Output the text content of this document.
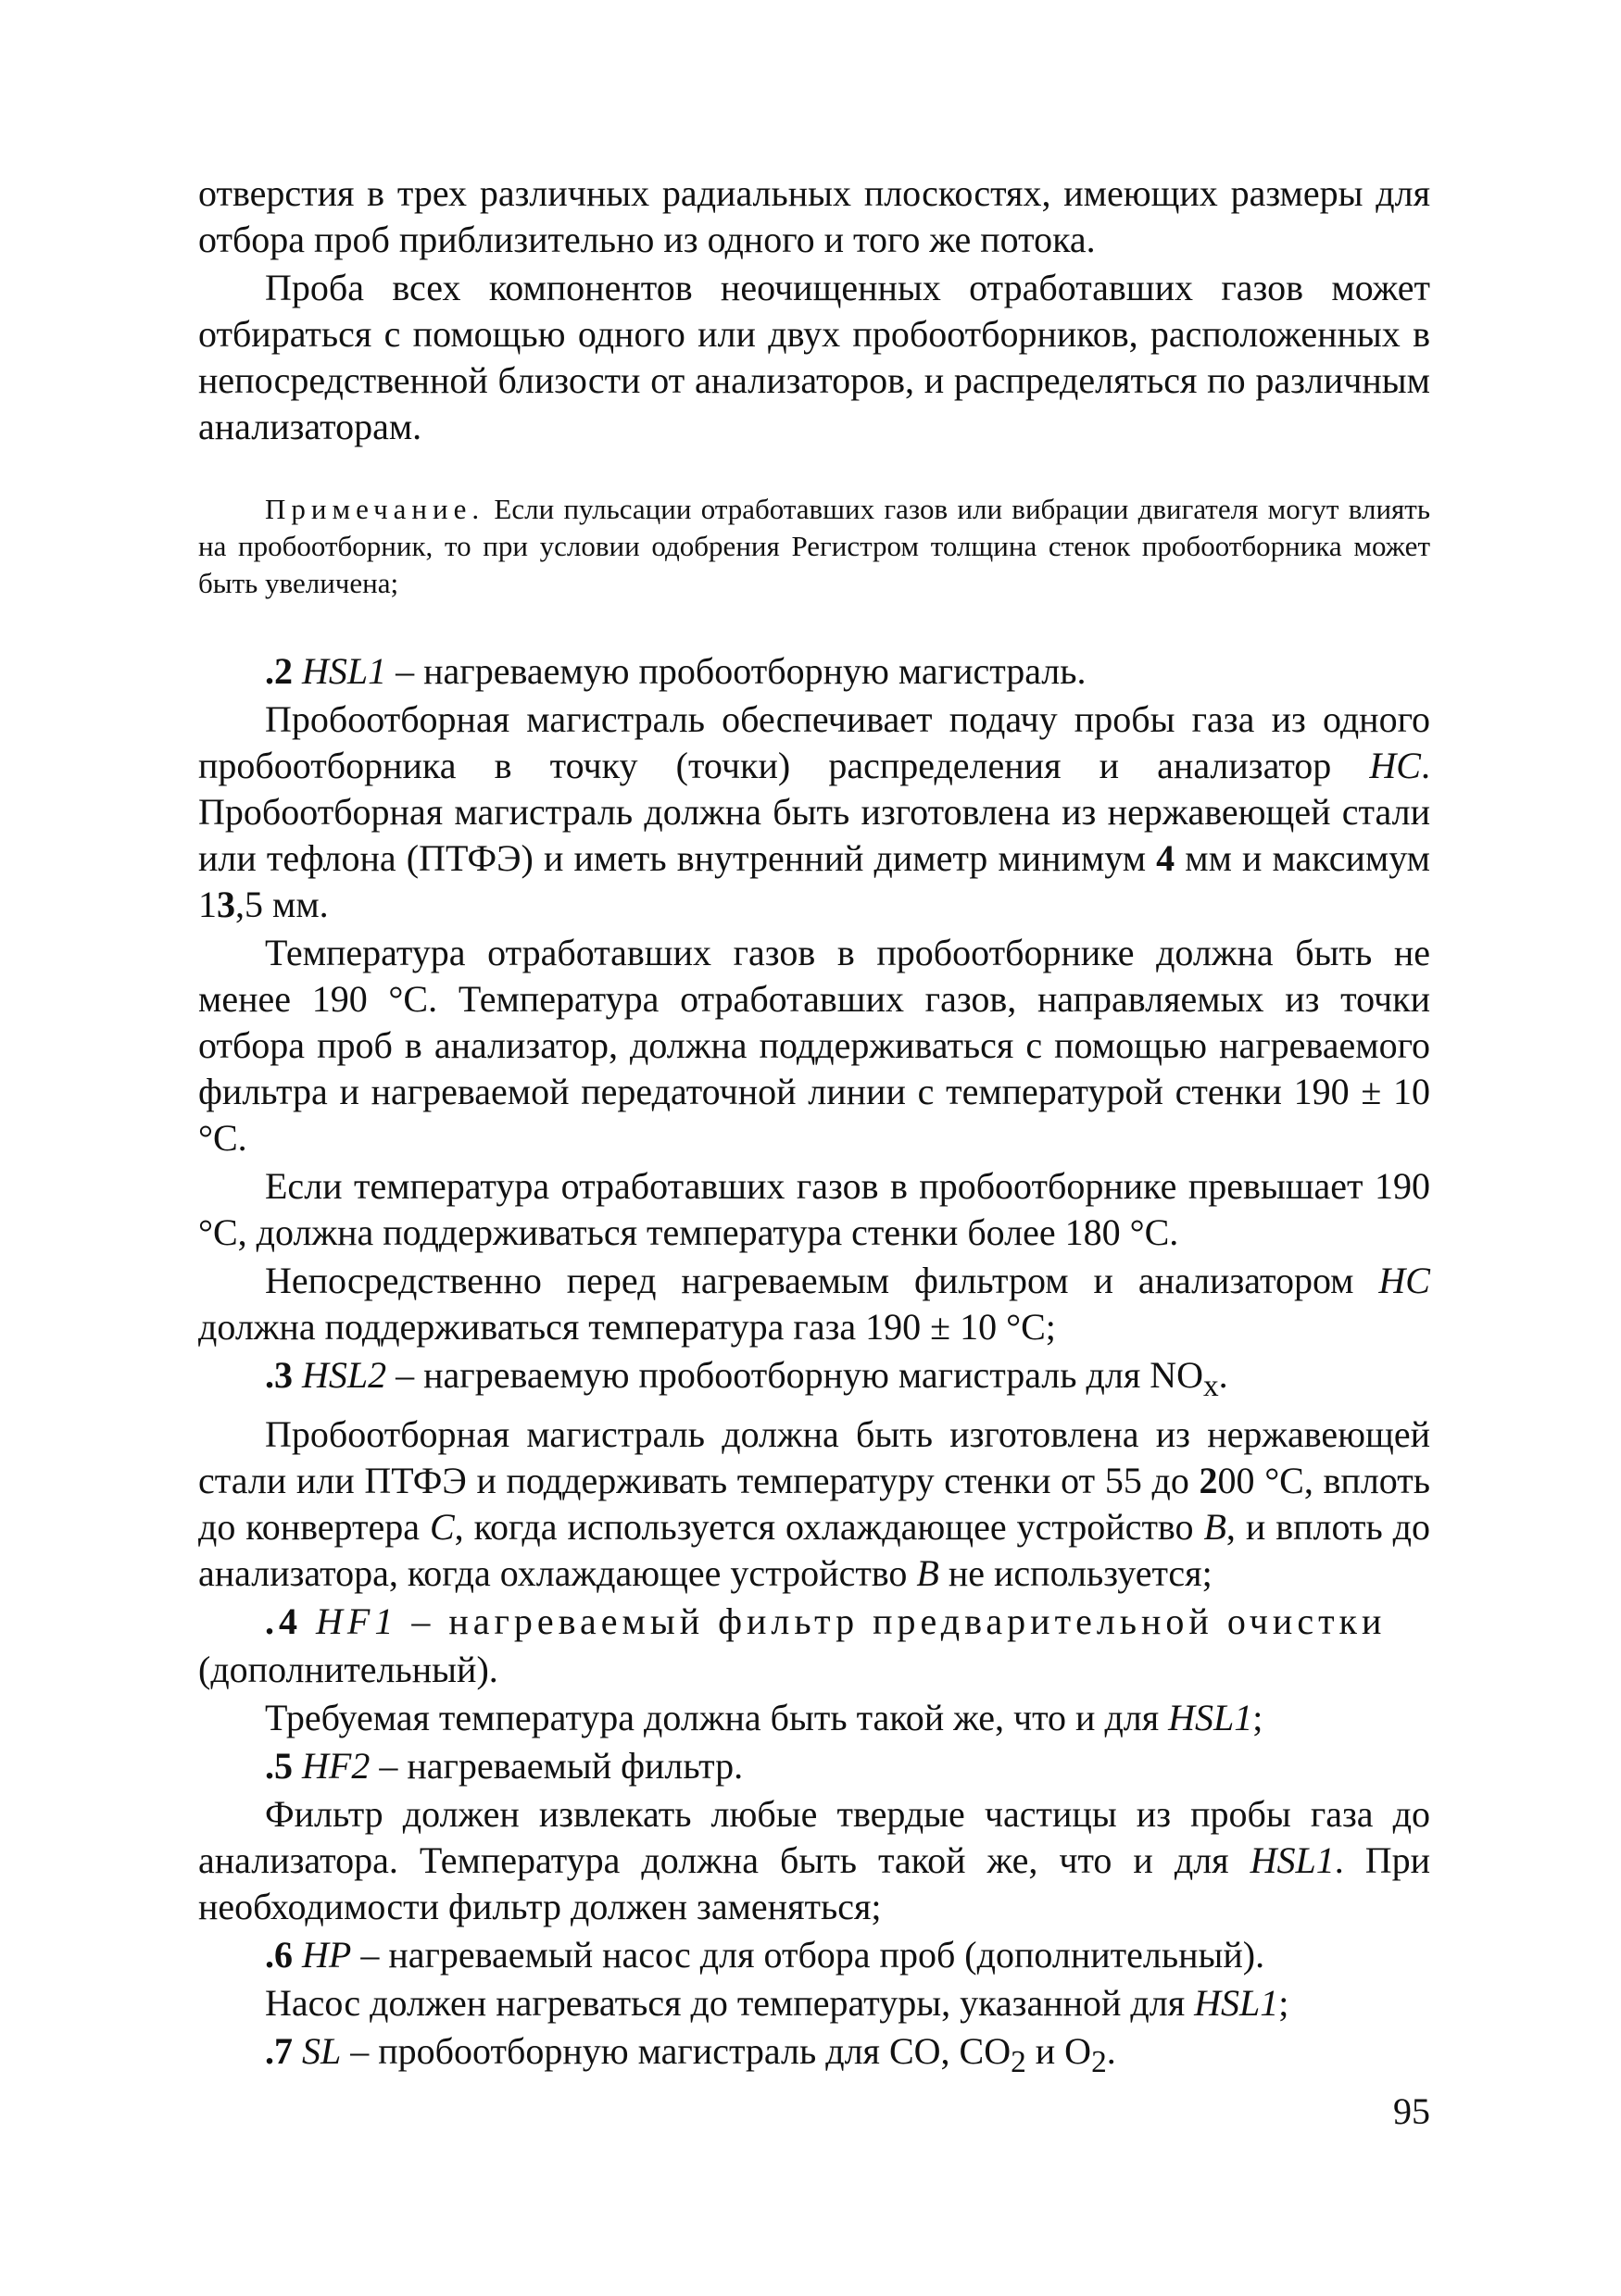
отверстия в трех различных радиальных плоскостях, имеющих размеры для отбора проб приблизительно из одного и того же потока.

Проба всех компонентов неочищенных отработавших газов может отбираться с помощью одного или двух пробоотборников, расположенных в непосредственной близости от анализаторов, и распределяться по различным анализаторам.

Примечание. Если пульсации отработавших газов или вибрации двигателя могут влиять на пробоотборник, то при условии одобрения Регистром толщина стенок пробоотборника может быть увеличена;

.2 HSL1 – нагреваемую пробоотборную магистраль.

Пробоотборная магистраль обеспечивает подачу пробы газа из одного пробоотборника в точку (точки) распределения и анализатор HC. Пробоотборная магистраль должна быть изготовлена из нержавеющей стали или тефлона (ПТФЭ) и иметь внутренний диметр минимум 4 мм и максимум 13,5 мм.

Температура отработавших газов в пробоотборнике должна быть не менее 190 °С. Температура отработавших газов, направляемых из точки отбора проб в анализатор, должна поддерживаться с помощью нагреваемого фильтра и нагреваемой передаточной линии с температурой стенки 190 ± 10 °С.

Если температура отработавших газов в пробоотборнике превышает 190 °С, должна поддерживаться температура стенки более 180 °С.

Непосредственно перед нагреваемым фильтром и анализатором HC должна поддерживаться температура газа 190 ± 10 °С;

.3 HSL2 – нагреваемую пробоотборную магистраль для $NO_x$.

Пробоотборная магистраль должна быть изготовлена из нержавеющей стали или ПТФЭ и поддерживать температуру стенки от 55 до 200 °С, вплоть до конвертера С, когда используется охлаждающее устройство В, и вплоть до анализатора, когда охлаждающее устройство В не используется;

.4 HF1 – нагреваемый фильтр предварительной очистки

(дополнительный).

Требуемая температура должна быть такой же, что и для HSL1;

.5 HF2 – нагреваемый фильтр.

Фильтр должен извлекать любые твердые частицы из пробы газа до анализатора. Температура должна быть такой же, что и для HSL1. При необходимости фильтр должен заменяться;

.6 HP – нагреваемый насос для отбора проб (дополнительный).

Насос должен нагреваться до температуры, указанной для HSL1;

.7 SL – пробоотборную магистраль для СО, $СО_2$ и $О_2$.

95
